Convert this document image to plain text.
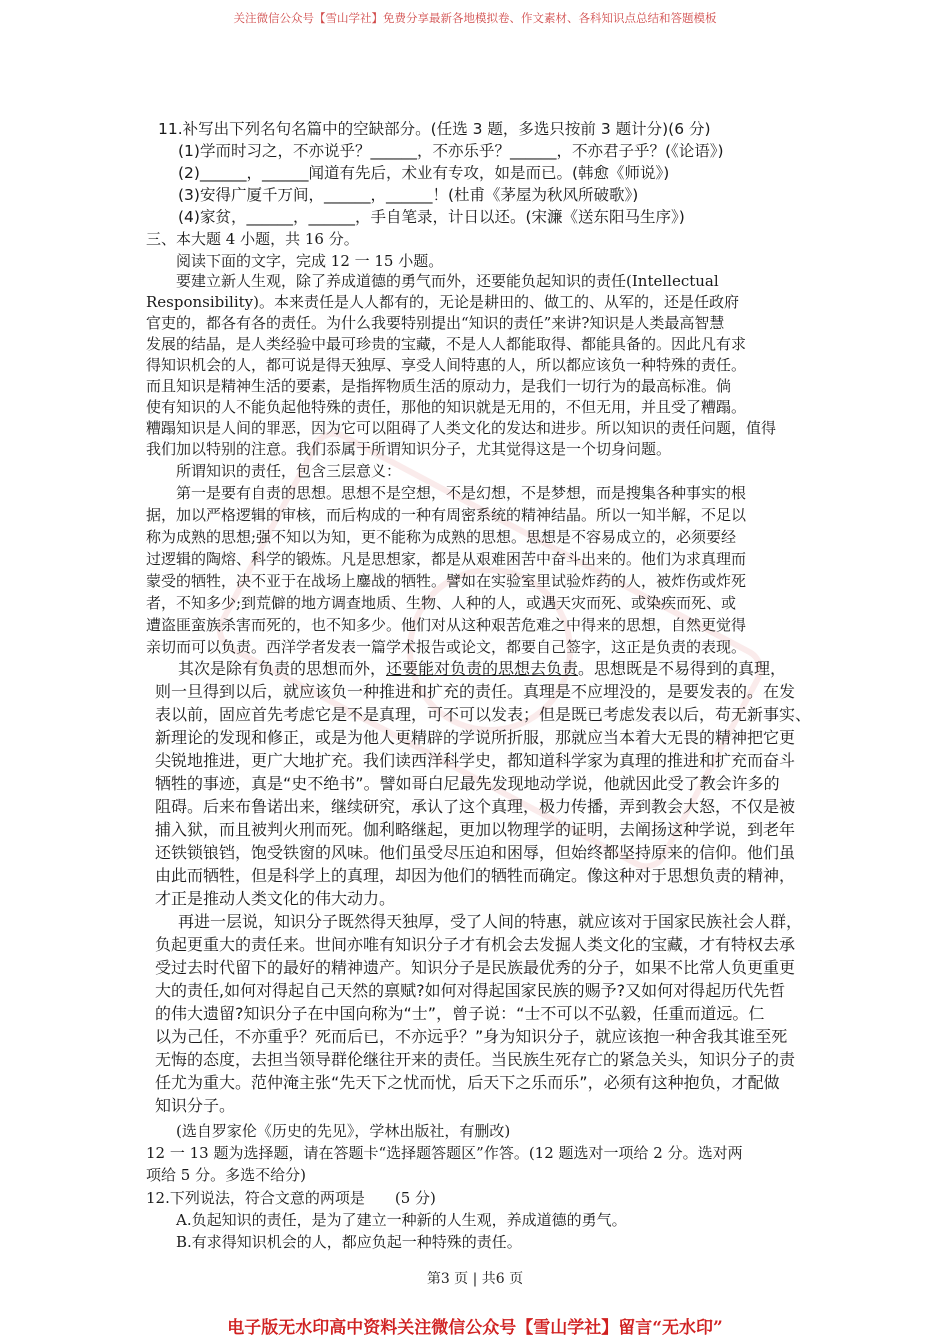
关注微信公众号【雪山学社】免费分享最新各地模拟卷、作文素材、各科知识点总结和答题模板
11.补写出下列名句名篇中的空缺部分。(任选 3 题，多选只按前 3 题计分)(6 分)
(1)学而时习之，不亦说乎？______，不亦乐乎？______，不亦君子乎？(《论语》)
(2)______，______闻道有先后，术业有专攻，如是而已。(韩愈《师说》)
(3)安得广厦千万间，______，______！(杜甫《茅屋为秋风所破歌》)
(4)家贫，______，______，手自笔录，计日以还。(宋濂《送东阳马生序》)
三、本大题 4 小题，共 16 分。
阅读下面的文字，完成 12 一 15 小题。
要建立新人生观，除了养成道德的勇气而外，还要能负起知识的责任(Intellectual
Responsibility)。本来责任是人人都有的，无论是耕田的、做工的、从军的，还是任政府
官吏的，都各有各的责任。为什么我要特别提出“知识的责任”来讲?知识是人类最高智慧
发展的结晶，是人类经验中最可珍贵的宝藏，不是人人都能取得、都能具备的。因此凡有求
得知识机会的人，都可说是得天独厚、享受人间特惠的人，所以都应该负一种特殊的责任。
而且知识是精神生活的要素，是指挥物质生活的原动力，是我们一切行为的最高标准。倘
使有知识的人不能负起他特殊的责任，那他的知识就是无用的，不但无用，并且受了糟蹋。
糟蹋知识是人间的罪恶，因为它可以阻碍了人类文化的发达和进步。所以知识的责任问题，值得
我们加以特别的注意。我们忝属于所谓知识分子，尤其觉得这是一个切身问题。
所谓知识的责任，包含三层意义：
第一是要有自责的思想。思想不是空想，不是幻想，不是梦想，而是搜集各种事实的根
据，加以严格逻辑的审核，而后构成的一种有周密系统的精神结晶。所以一知半解，不足以
称为成熟的思想;强不知以为知，更不能称为成熟的思想。思想是不容易成立的，必须要经
过逻辑的陶熔、科学的锻炼。凡是思想家，都是从艰难困苦中奋斗出来的。他们为求真理而
蒙受的牺牲，决不亚于在战场上鏖战的牺牲。譬如在实验室里试验炸药的人，被炸伤或炸死
者，不知多少;到荒僻的地方调查地质、生物、人种的人，或遇天灾而死、或染疾而死、或
遭盗匪蛮族杀害而死的，也不知多少。他们对从这种艰苦危难之中得来的思想，自然更觉得
亲切而可以负责。西洋学者发表一篇学术报告或论文，都要自己签字，这正是负责的表现。
其次是除有负责的思想而外，还要能对负责的思想去负责。思想既是不易得到的真理，
则一旦得到以后，就应该负一种推进和扩充的责任。真理是不应埋没的，是要发表的。在发
表以前，固应首先考虑它是不是真理，可不可以发表；但是既已考虑发表以后，苟无新事实、
新理论的发现和修正，或是为他人更精辟的学说所折服，那就应当本着大无畏的精神把它更
尖锐地推进，更广大地扩充。我们读西洋科学史，都知道科学家为真理的推进和扩充而奋斗
牺牲的事迹，真是“史不绝书”。譬如哥白尼最先发现地动学说，他就因此受了教会许多的
阻碍。后来布鲁诺出来，继续研究，承认了这个真理，极力传播，弄到教会大怒，不仅是被
捕入狱，而且被判火刑而死。伽利略继起，更加以物理学的证明，去阐扬这种学说，到老年
还铁锁锒铛，饱受铁窗的风味。他们虽受尽压迫和困辱，但始终都坚持原来的信仰。他们虽
由此而牺牲，但是科学上的真理，却因为他们的牺牲而确定。像这种对于思想负责的精神，
才正是推动人类文化的伟大动力。
再进一层说，知识分子既然得天独厚，受了人间的特惠，就应该对于国家民族社会人群，
负起更重大的责任来。世间亦唯有知识分子才有机会去发掘人类文化的宝藏，才有特权去承
受过去时代留下的最好的精神遗产。知识分子是民族最优秀的分子，如果不比常人负更重更
大的责任,如何对得起自己天然的禀赋?如何对得起国家民族的赐予?又如何对得起历代先哲
的伟大遗留?知识分子在中国向称为“士”，曾子说：“士不可以不弘毅，任重而道远。仁
以为己任，不亦重乎？死而后已，不亦远乎？”身为知识分子，就应该抱一种舍我其谁至死
无悔的态度，去担当领导群伦继往开来的责任。当民族生死存亡的紧急关头，知识分子的责
任尤为重大。范仲淹主张“先天下之忧而忧，后天下之乐而乐”，必须有这种抱负，才配做
知识分子。
(选自罗家伦《历史的先见》，学林出版社，有删改)
12 一 13 题为选择题，请在答题卡“选择题答题区”作答。(12 题选对一项给 2 分。选对两
项给 5 分。多选不给分)
12.下列说法，符合文意的两项是　　(5 分)
A.负起知识的责任，是为了建立一种新的人生观，养成道德的勇气。
B.有求得知识机会的人，都应负起一种特殊的责任。
第3 页 | 共6 页
电子版无水印高中资料关注微信公众号【雪山学社】留言“无水印”
